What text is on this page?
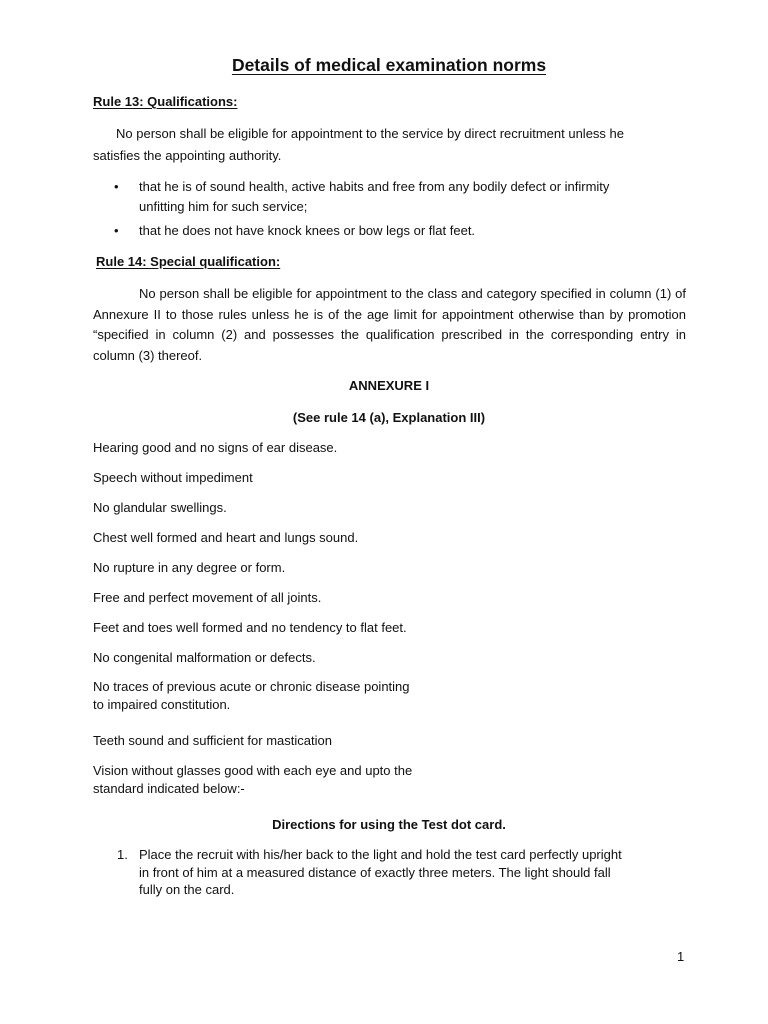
Details of medical examination norms
Rule 13: Qualifications:
No person shall be eligible for appointment to the service by direct recruitment unless he
satisfies the appointing authority.
• that he is of sound health, active habits and free from any bodily defect or infirmity
unfitting him for such service;
• that he does not have knock knees or bow legs or flat feet.
Rule 14: Special qualification:

No person shall be eligible for appointment to the class and category specified in column (1) of Annexure II to those rules unless he is of the age limit for appointment otherwise than by promotion “specified in column (2) and possesses the qualification prescribed in the corresponding entry in column (3) thereof.

ANNEXURE I
(See rule 14 (a), Explanation III)
Hearing good and no signs of ear disease.
Speech without impediment
No glandular swellings.
Chest well formed and heart and lungs sound.
No rupture in any degree or form.
Free and perfect movement of all joints.
Feet and toes well formed and no tendency to flat feet.
No congenital malformation or defects.
No traces of previous acute or chronic disease pointing
to impaired constitution.
Teeth sound and sufficient for mastication
Vision without glasses good with each eye and upto the
standard indicated below:-
Directions for using the Test dot card.
1. Place the recruit with his/her back to the light and hold the test card perfectly upright
in front of him at a measured distance of exactly three meters. The light should fall
fully on the card.
1
